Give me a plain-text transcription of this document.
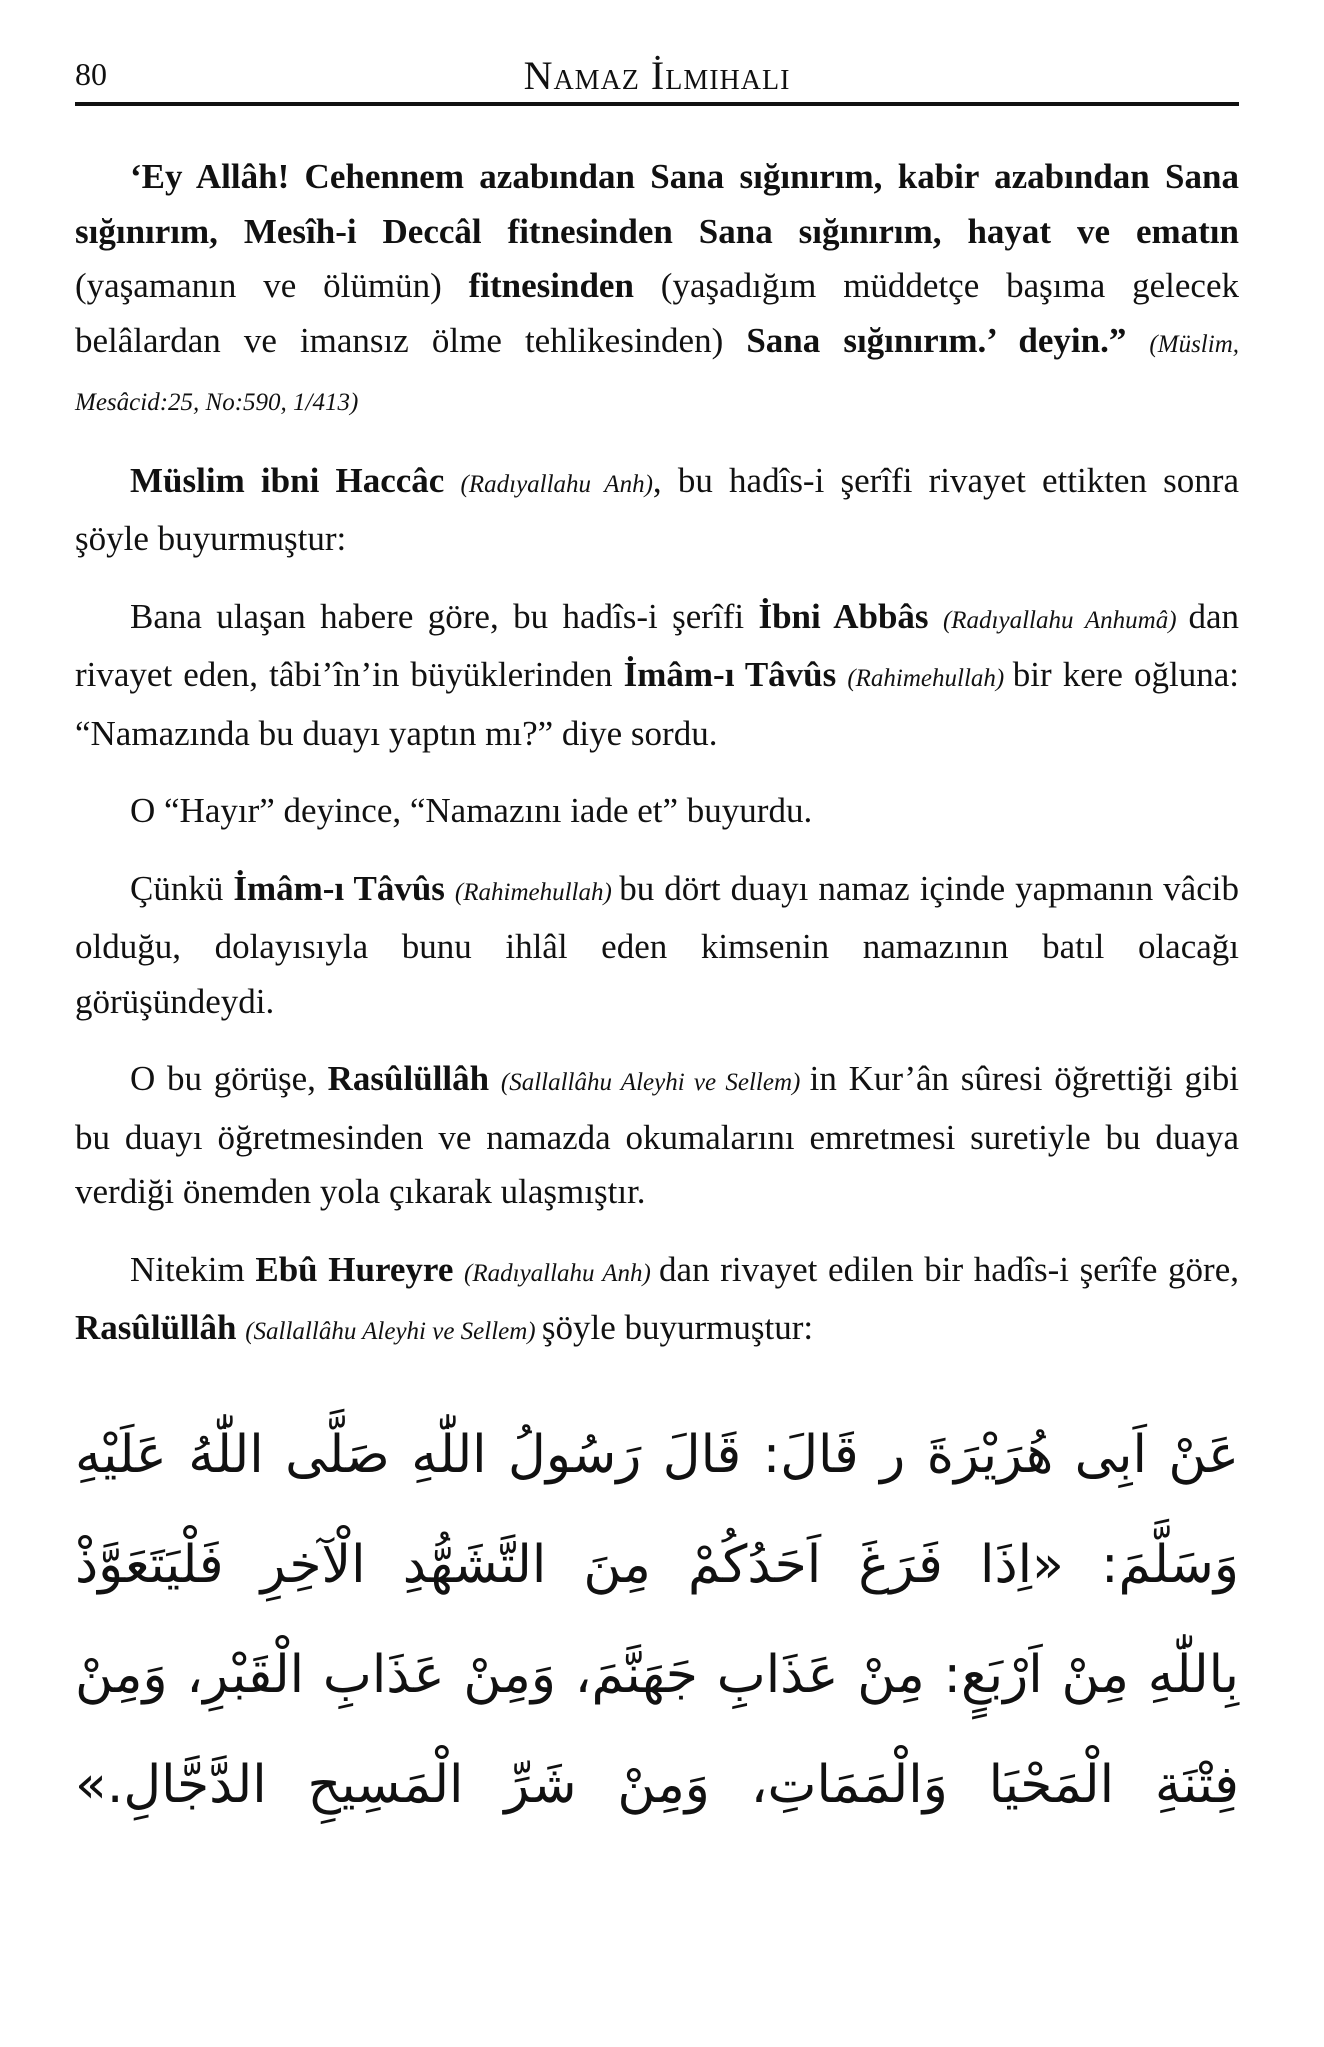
80	Namaz İlmihali

‘Ey Allâh! Cehennem azabından Sana sığınırım, kabir azabından Sana sığınırım, Mesîh-i Deccâl fitnesinden Sana sığınırım, hayat ve ematın (yaşamanın ve ölümün) fitnesinden (yaşadığım müddetçe başıma gelecek belâlardan ve imansız ölme tehlikesinden) Sana sığınırım.’ deyin.” (Müslim, Mesâcid:25, No:590, 1/413)

Müslim ibni Haccâc (Radıyallahu Anh), bu hadîs-i şerîfi rivayet ettikten sonra şöyle buyurmuştur:

Bana ulaşan habere göre, bu hadîs-i şerîfi İbni Abbâs (Radıyallahu Anhumâ) dan rivayet eden, tâbi’în’in büyüklerinden İmâm-ı Tâvûs (Rahimehullah) bir kere oğluna: “Namazında bu duayı yaptın mı?” diye sordu.

O “Hayır” deyince, “Namazını iade et” buyurdu.

Çünkü İmâm-ı Tâvûs (Rahimehullah) bu dört duayı namaz içinde yapmanın vâcib olduğu, dolayısıyla bunu ihlâl eden kimsenin namazının batıl olacağı görüşündeydi.

O bu görüşe, Rasûlüllâh (Sallallâhu Aleyhi ve Sellem) in Kur’ân sûresi öğrettiği gibi bu duayı öğretmesinden ve namazda okumalarını emretmesi suretiyle bu duaya verdiği önemden yola çıkarak ulaşmıştır.

Nitekim Ebû Hureyre (Radıyallahu Anh) dan rivayet edilen bir hadîs-i şerîfe göre, Rasûlüllâh (Sallallâhu Aleyhi ve Sellem) şöyle buyurmuştur:

عَنْ اَبِى هُرَيْرَةَ ر قَالَ: قَالَ رَسُولُ اللّٰهِ صَلَّى اللّٰهُ عَلَيْهِ
وَسَلَّمَ: «اِذَا فَرَغَ اَحَدُكُمْ مِنَ التَّشَهُّدِ الْآخِرِ فَلْيَتَعَوَّذْ
بِاللّٰهِ مِنْ اَرْبَعٍ: مِنْ عَذَابِ جَهَنَّمَ، وَمِنْ عَذَابِ الْقَبْرِ، وَمِنْ
فِتْنَةِ الْمَحْيَا وَالْمَمَاتِ، وَمِنْ شَرِّ الْمَسِيحِ الدَّجَّالِ.»
